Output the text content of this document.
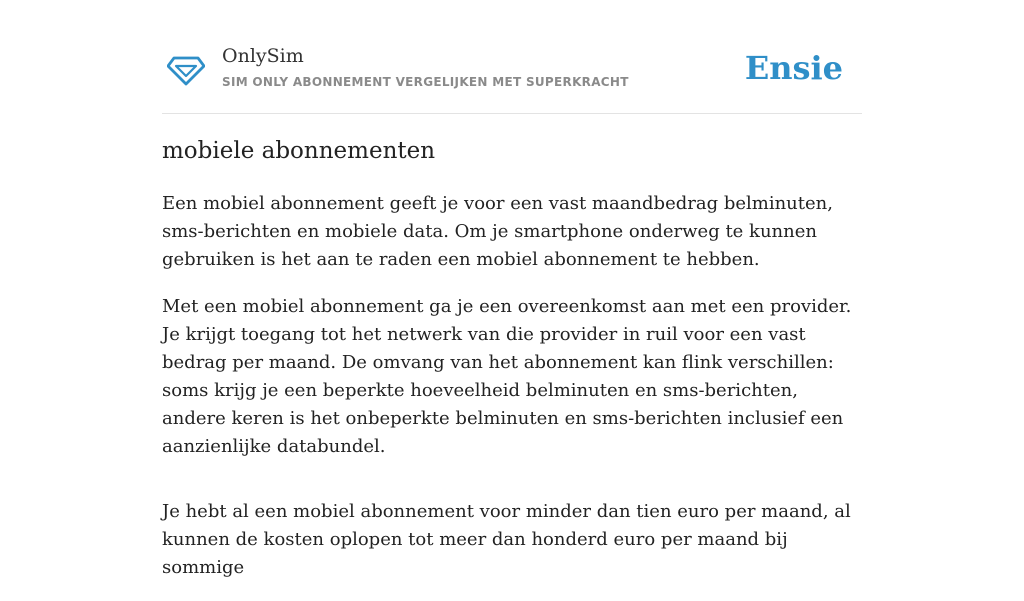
OnlySim
SIM ONLY ABONNEMENT VERGELIJKEN MET SUPERKRACHT	Ensie
mobiele abonnementen

Een mobiel abonnement geeft je voor een vast maandbedrag belminuten, sms-berichten en mobiele data. Om je smartphone onderweg te kunnen gebruiken is het aan te raden een mobiel abonnement te hebben.

Met een mobiel abonnement ga je een overeenkomst aan met een provider. Je krijgt toegang tot het netwerk van die provider in ruil voor een vast bedrag per maand. De omvang van het abonnement kan flink verschillen: soms krijg je een beperkte hoeveelheid belminuten en sms-berichten, andere keren is het onbeperkte belminuten en sms-berichten inclusief een aanzienlijke databundel.

Je hebt al een mobiel abonnement voor minder dan tien euro per maand, al kunnen de kosten oplopen tot meer dan honderd euro per maand bij sommige
